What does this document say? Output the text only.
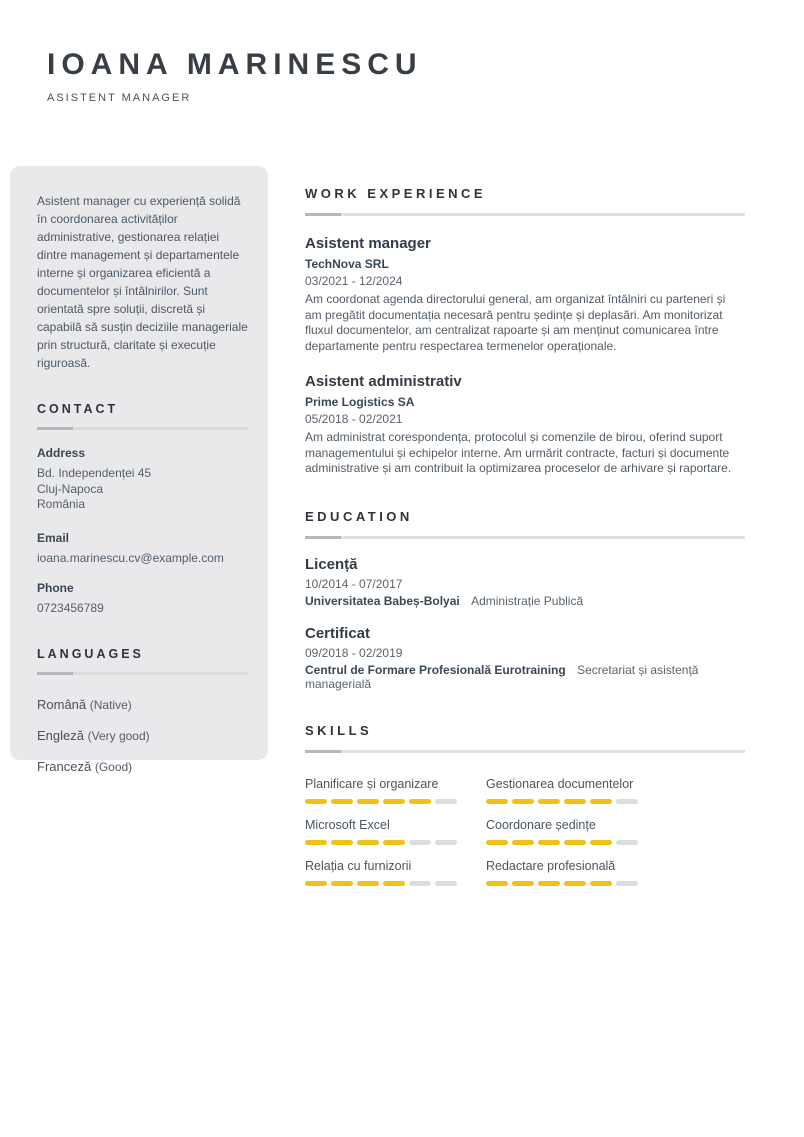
IOANA MARINESCU
ASISTENT MANAGER

Asistent manager cu experiență solidă în coordonarea activităților administrative, gestionarea relației dintre management și departamentele interne și organizarea eficientă a documentelor și întâlnirilor. Sunt orientată spre soluții, discretă și capabilă să susțin deciziile manageriale prin structură, claritate și execuție riguroasă.

CONTACT
Address
Bd. Independenței 45
Cluj-Napoca
România
Email
ioana.marinescu.cv@example.com
Phone
0723456789
LANGUAGES
Română (Native)
Engleză (Very good)
Franceză (Good)
WORK EXPERIENCE
Asistent manager
TechNova SRL
03/2021 - 12/2024
Am coordonat agenda directorului general, am organizat întâlniri cu parteneri și am pregătit documentația necesară pentru ședințe și deplasări. Am monitorizat fluxul documentelor, am centralizat rapoarte și am menținut comunicarea între departamente pentru respectarea termenelor operaționale.
Asistent administrativ
Prime Logistics SA
05/2018 - 02/2021
Am administrat corespondența, protocolul și comenzile de birou, oferind suport managementului și echipelor interne. Am urmărit contracte, facturi și documente administrative și am contribuit la optimizarea proceselor de arhivare și raportare.
EDUCATION
Licență
10/2014 - 07/2017
Universitatea Babeș-Bolyai Administrație Publică
Certificat
09/2018 - 02/2019
Centrul de Formare Profesională Eurotraining Secretariat și asistență managerială
SKILLS
Planificare și organizare	Gestionarea documentelor
Microsoft Excel	Coordonare ședințe
Relația cu furnizorii	Redactare profesională
